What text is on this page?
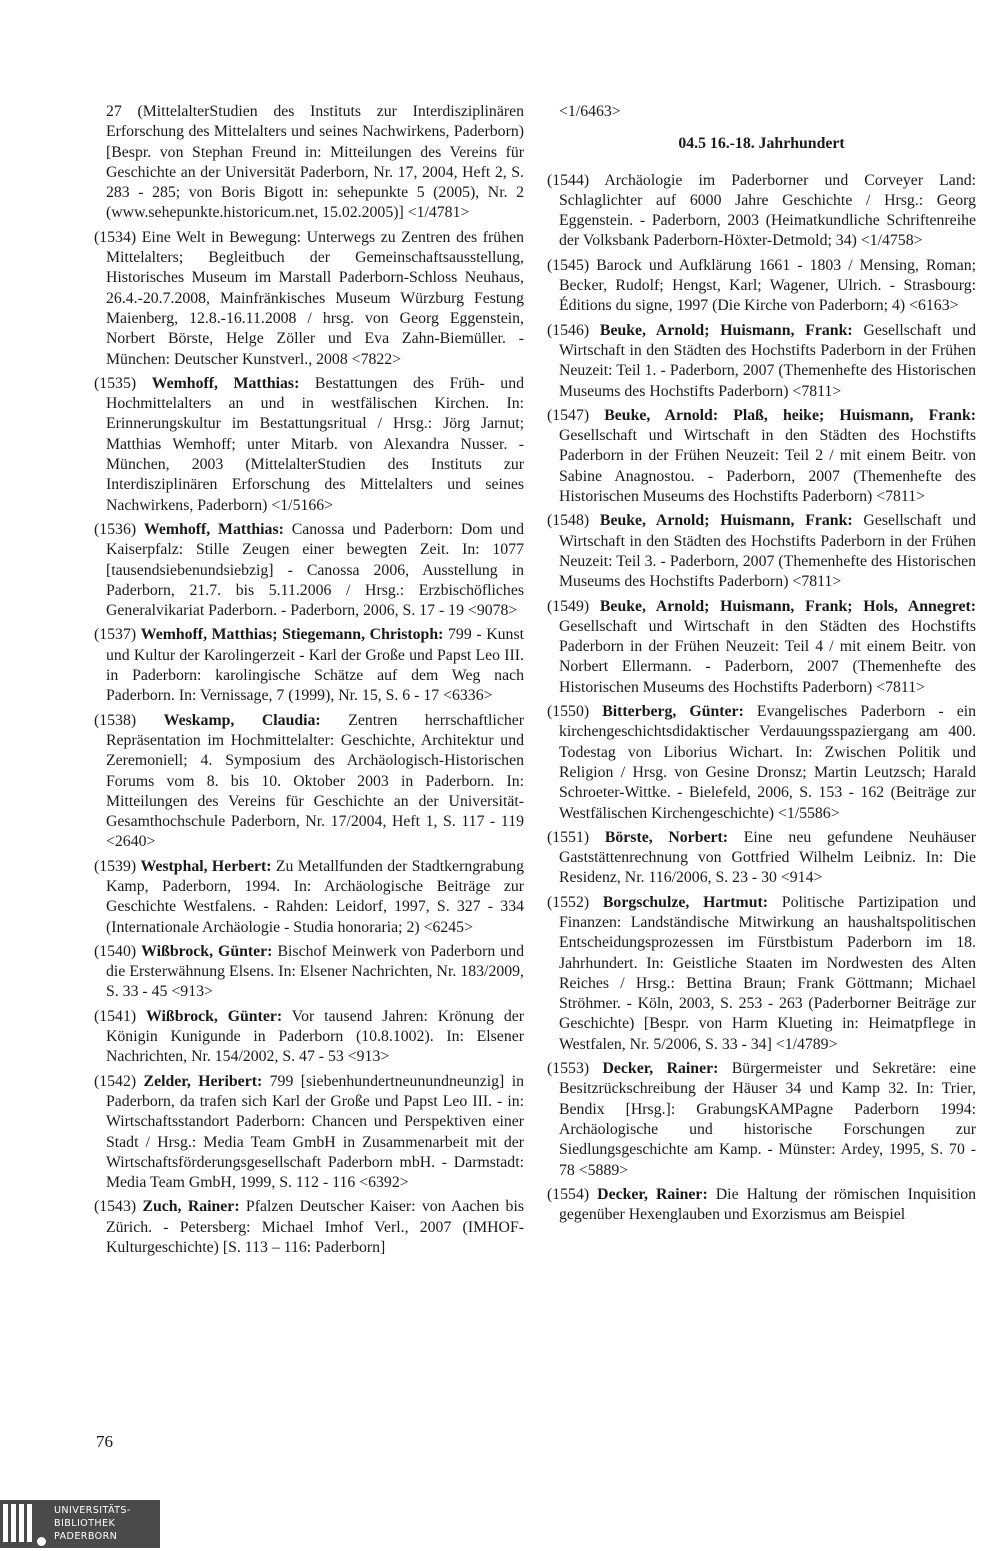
27 (MittelalterStudien des Instituts zur Interdisziplinären Erforschung des Mittelalters und seines Nachwirkens, Paderborn) [Bespr. von Stephan Freund in: Mitteilungen des Vereins für Geschichte an der Universität Paderborn, Nr. 17, 2004, Heft 2, S. 283 - 285; von Boris Bigott in: sehepunkte 5 (2005), Nr. 2 (www.sehepunkte.historicum.net, 15.02.2005)] <1/4781>

(1534) Eine Welt in Bewegung: Unterwegs zu Zentren des frühen Mittelalters; Begleitbuch der Gemeinschaftsausstellung, Historisches Museum im Marstall Paderborn-Schloss Neuhaus, 26.4.-20.7.2008, Mainfränkisches Museum Würzburg Festung Maienberg, 12.8.-16.11.2008 / hrsg. von Georg Eggenstein, Norbert Börste, Helge Zöller und Eva Zahn-Biemüller. - München: Deutscher Kunstverl., 2008 <7822>

(1535) Wemhoff, Matthias: Bestattungen des Früh- und Hochmittelalters an und in westfälischen Kirchen. In: Erinnerungskultur im Bestattungsritual / Hrsg.: Jörg Jarnut; Matthias Wemhoff; unter Mitarb. von Alexandra Nusser. - München, 2003 (MittelalterStudien des Instituts zur Interdisziplinären Erforschung des Mittelalters und seines Nachwirkens, Paderborn) <1/5166>

(1536) Wemhoff, Matthias: Canossa und Paderborn: Dom und Kaiserpfalz: Stille Zeugen einer bewegten Zeit. In: 1077 [tausendsiebenundsiebzig] - Canossa 2006, Ausstellung in Paderborn, 21.7. bis 5.11.2006 / Hrsg.: Erzbischöfliches Generalvikariat Paderborn. - Paderborn, 2006, S. 17 - 19 <9078>

(1537) Wemhoff, Matthias; Stiegemann, Christoph: 799 - Kunst und Kultur der Karolingerzeit - Karl der Große und Papst Leo III. in Paderborn: karolingische Schätze auf dem Weg nach Paderborn. In: Vernissage, 7 (1999), Nr. 15, S. 6 - 17 <6336>

(1538) Weskamp, Claudia: Zentren herrschaftlicher Repräsentation im Hochmittelalter: Geschichte, Architektur und Zeremoniell; 4. Symposium des Archäologisch-Historischen Forums vom 8. bis 10. Oktober 2003 in Paderborn. In: Mitteilungen des Vereins für Geschichte an der Universität-Gesamthochschule Paderborn, Nr. 17/2004, Heft 1, S. 117 - 119 <2640>

(1539) Westphal, Herbert: Zu Metallfunden der Stadtkerngrabung Kamp, Paderborn, 1994. In: Archäologische Beiträge zur Geschichte Westfalens. - Rahden: Leidorf, 1997, S. 327 - 334 (Internationale Archäologie - Studia honoraria; 2) <6245>

(1540) Wißbrock, Günter: Bischof Meinwerk von Paderborn und die Ersterwähnung Elsens. In: Elsener Nachrichten, Nr. 183/2009, S. 33 - 45 <913>

(1541) Wißbrock, Günter: Vor tausend Jahren: Krönung der Königin Kunigunde in Paderborn (10.8.1002). In: Elsener Nachrichten, Nr. 154/2002, S. 47 - 53 <913>

(1542) Zelder, Heribert: 799 [siebenhundertneunundneunzig] in Paderborn, da trafen sich Karl der Große und Papst Leo III. - in: Wirtschaftsstandort Paderborn: Chancen und Perspektiven einer Stadt / Hrsg.: Media Team GmbH in Zusammenarbeit mit der Wirtschaftsförderungsgesellschaft Paderborn mbH. - Darmstadt: Media Team GmbH, 1999, S. 112 - 116 <6392>

(1543) Zuch, Rainer: Pfalzen Deutscher Kaiser: von Aachen bis Zürich. - Petersberg: Michael Imhof Verl., 2007 (IMHOF-Kulturgeschichte) [S. 113 – 116: Paderborn]

<1/6463>

04.5 16.-18. Jahrhundert

(1544) Archäologie im Paderborner und Corveyer Land: Schlaglichter auf 6000 Jahre Geschichte / Hrsg.: Georg Eggenstein. - Paderborn, 2003 (Heimatkundliche Schriftenreihe der Volksbank Paderborn-Höxter-Detmold; 34) <1/4758>

(1545) Barock und Aufklärung 1661 - 1803 / Mensing, Roman; Becker, Rudolf; Hengst, Karl; Wagener, Ulrich. - Strasbourg: Éditions du signe, 1997 (Die Kirche von Paderborn; 4) <6163>

(1546) Beuke, Arnold; Huismann, Frank: Gesellschaft und Wirtschaft in den Städten des Hochstifts Paderborn in der Frühen Neuzeit: Teil 1. - Paderborn, 2007 (Themenhefte des Historischen Museums des Hochstifts Paderborn) <7811>

(1547) Beuke, Arnold: Plaß, heike; Huismann, Frank: Gesellschaft und Wirtschaft in den Städten des Hochstifts Paderborn in der Frühen Neuzeit: Teil 2 / mit einem Beitr. von Sabine Anagnostou. - Paderborn, 2007 (Themenhefte des Historischen Museums des Hochstifts Paderborn) <7811>

(1548) Beuke, Arnold; Huismann, Frank: Gesellschaft und Wirtschaft in den Städten des Hochstifts Paderborn in der Frühen Neuzeit: Teil 3. - Paderborn, 2007 (Themenhefte des Historischen Museums des Hochstifts Paderborn) <7811>

(1549) Beuke, Arnold; Huismann, Frank; Hols, Annegret: Gesellschaft und Wirtschaft in den Städten des Hochstifts Paderborn in der Frühen Neuzeit: Teil 4 / mit einem Beitr. von Norbert Ellermann. - Paderborn, 2007 (Themenhefte des Historischen Museums des Hochstifts Paderborn) <7811>

(1550) Bitterberg, Günter: Evangelisches Paderborn - ein kirchengeschichtsdidaktischer Verdauungsspaziergang am 400. Todestag von Liborius Wichart. In: Zwischen Politik und Religion / Hrsg. von Gesine Dronsz; Martin Leutzsch; Harald Schroeter-Wittke. - Bielefeld, 2006, S. 153 - 162 (Beiträge zur Westfälischen Kirchengeschichte) <1/5586>

(1551) Börste, Norbert: Eine neu gefundene Neuhäuser Gaststättenrechnung von Gottfried Wilhelm Leibniz. In: Die Residenz, Nr. 116/2006, S. 23 - 30 <914>

(1552) Borgschulze, Hartmut: Politische Partizipation und Finanzen: Landständische Mitwirkung an haushaltspolitischen Entscheidungsprozessen im Fürstbistum Paderborn im 18. Jahrhundert. In: Geistliche Staaten im Nordwesten des Alten Reiches / Hrsg.: Bettina Braun; Frank Göttmann; Michael Ströhmer. - Köln, 2003, S. 253 - 263 (Paderborner Beiträge zur Geschichte) [Bespr. von Harm Klueting in: Heimatpflege in Westfalen, Nr. 5/2006, S. 33 - 34] <1/4789>

(1553) Decker, Rainer: Bürgermeister und Sekretäre: eine Besitzrückschreibung der Häuser 34 und Kamp 32. In: Trier, Bendix [Hrsg.]: GrabungsKAMPagne Paderborn 1994: Archäologische und historische Forschungen zur Siedlungsgeschichte am Kamp. - Münster: Ardey, 1995, S. 70 - 78 <5889>

(1554) Decker, Rainer: Die Haltung der römischen Inquisition gegenüber Hexenglauben und Exorzismus am Beispiel

76
UNIVERSITÄTS-
BIBLIOTHEK
PADERBORN
